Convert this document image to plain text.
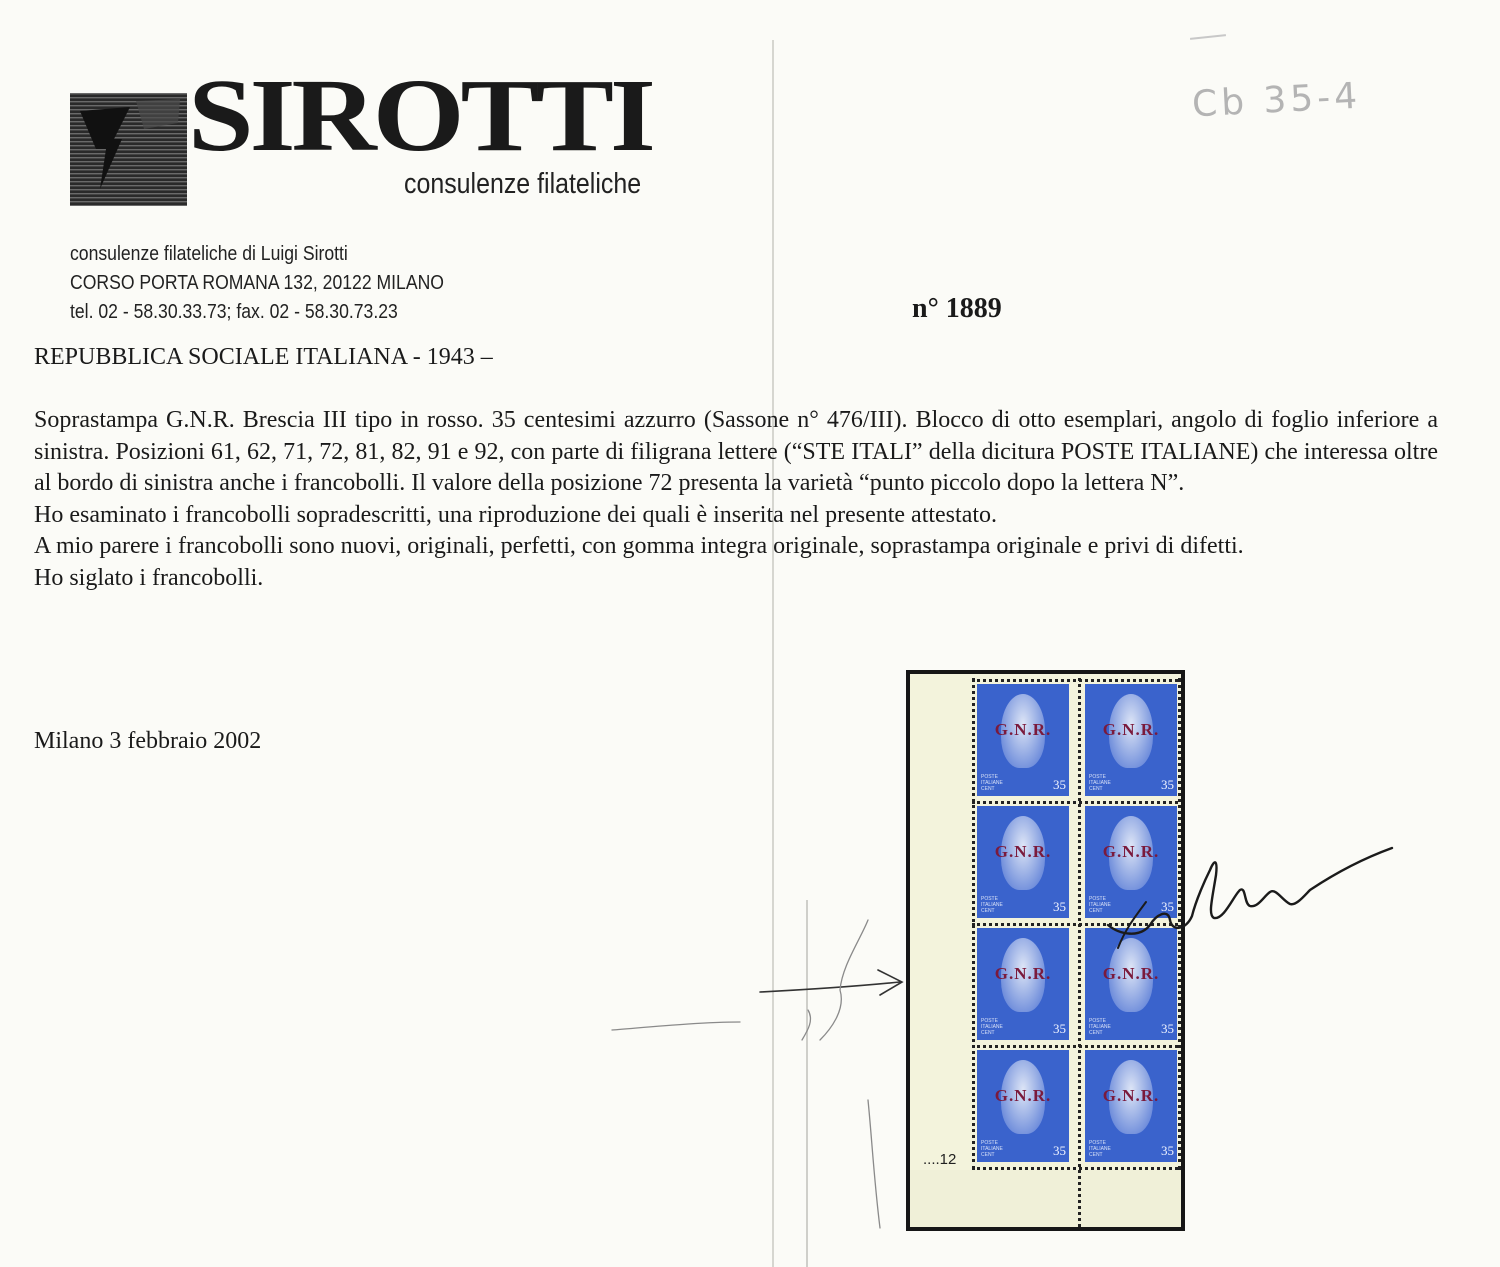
SIROTTI
consulenze filateliche
consulenze filateliche di Luigi Sirotti
CORSO PORTA ROMANA 132, 20122 MILANO
tel. 02 - 58.30.33.73; fax. 02 - 58.30.73.23
Cb 35-4
n° 1889
REPUBBLICA SOCIALE ITALIANA - 1943 –

Soprastampa G.N.R. Brescia III tipo in rosso. 35 centesimi azzurro (Sassone n° 476/III). Blocco di otto esemplari, angolo di foglio inferiore a sinistra. Posizioni 61, 62, 71, 72, 81, 82, 91 e 92, con parte di filigrana lettere (“STE ITALI” della dicitura POSTE ITALIANE) che interessa oltre al bordo di sinistra anche i francobolli. Il valore della posizione 72 presenta la varietà “punto piccolo dopo la lettera N”.

Ho esaminato i francobolli sopradescritti, una riproduzione dei quali è inserita nel presente attestato.

A mio parere i francobolli sono nuovi, originali, perfetti, con gomma integra originale, soprastampa originale e privi di difetti.

Ho siglato i francobolli.

Milano 3 febbraio 2002
....12
G.N.R.
POSTE ITALIANE CENT	35
G.N.R.
POSTE ITALIANE CENT	35
G.N.R.
POSTE ITALIANE CENT	35
G.N.R.
POSTE ITALIANE CENT	35
G.N.R.
POSTE ITALIANE CENT	35
G.N.R.
POSTE ITALIANE CENT	35
G.N.R.
POSTE ITALIANE CENT	35
G.N.R.
POSTE ITALIANE CENT	35
